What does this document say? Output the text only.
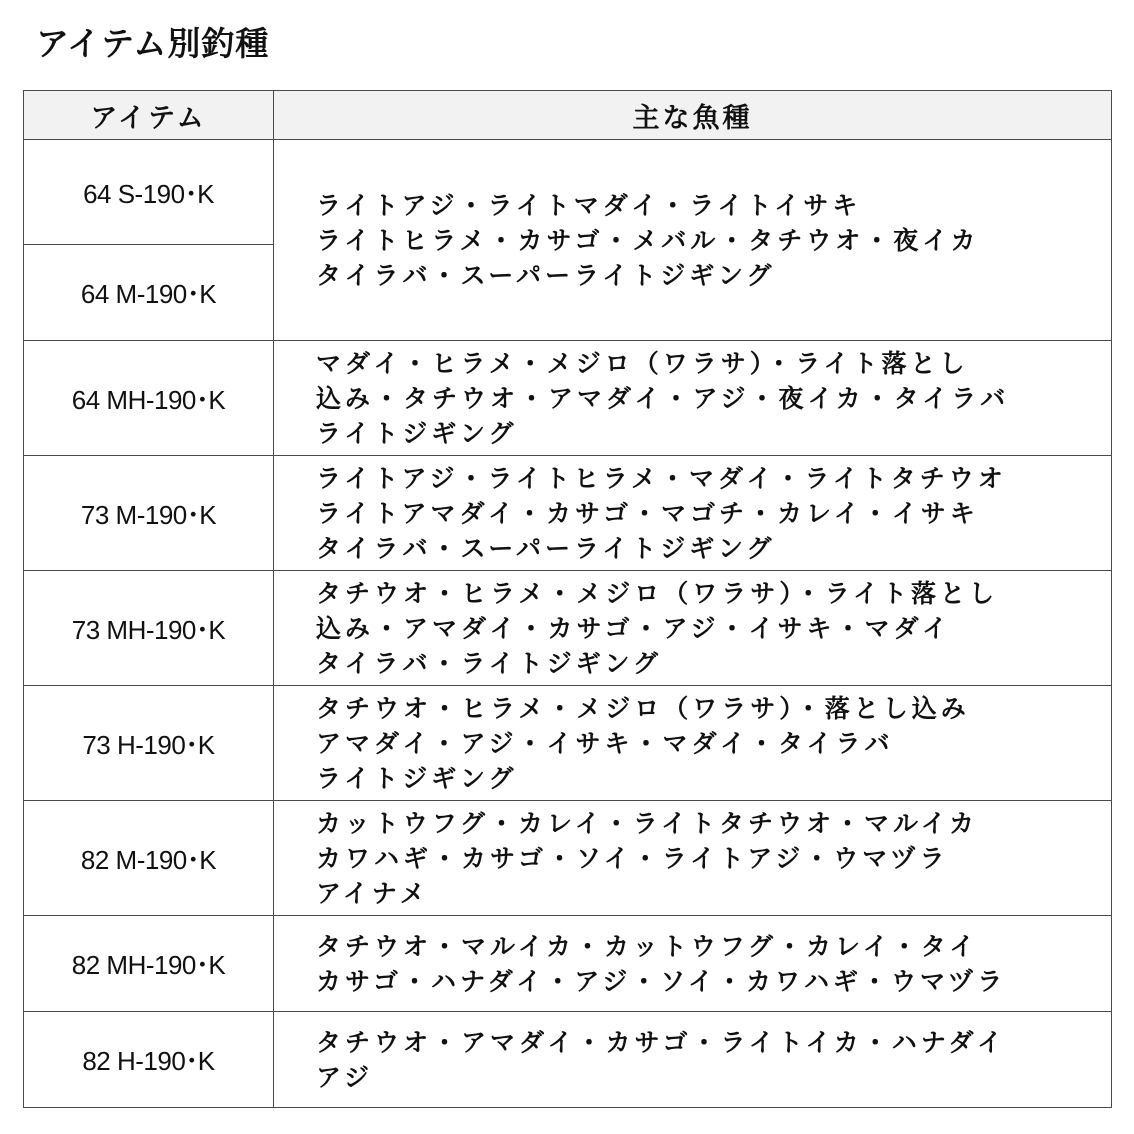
アイテム別釣種
アイテム	主な魚種
64 S-190･K	ライトアジ・ライトマダイ・ライトイサキ
ライトヒラメ・カサゴ・メバル・タチウオ・夜イカ
タイラバ・スーパーライトジギング

64 M-190･K	
64 MH-190･K	マダイ・ヒラメ・メジロ（ワラサ）・ライト落とし
込み・タチウオ・アマダイ・アジ・夜イカ・タイラバ
ライトジギング

73 M-190･K	ライトアジ・ライトヒラメ・マダイ・ライトタチウオ
ライトアマダイ・カサゴ・マゴチ・カレイ・イサキ
タイラバ・スーパーライトジギング

73 MH-190･K	タチウオ・ヒラメ・メジロ（ワラサ）・ライト落とし
込み・アマダイ・カサゴ・アジ・イサキ・マダイ
タイラバ・ライトジギング

73 H-190･K	タチウオ・ヒラメ・メジロ（ワラサ）・落とし込み
アマダイ・アジ・イサキ・マダイ・タイラバ
ライトジギング

82 M-190･K	カットウフグ・カレイ・ライトタチウオ・マルイカ
カワハギ・カサゴ・ソイ・ライトアジ・ウマヅラ
アイナメ

82 MH-190･K	タチウオ・マルイカ・カットウフグ・カレイ・タイ
カサゴ・ハナダイ・アジ・ソイ・カワハギ・ウマヅラ

82 H-190･K	タチウオ・アマダイ・カサゴ・ライトイカ・ハナダイ
アジ
